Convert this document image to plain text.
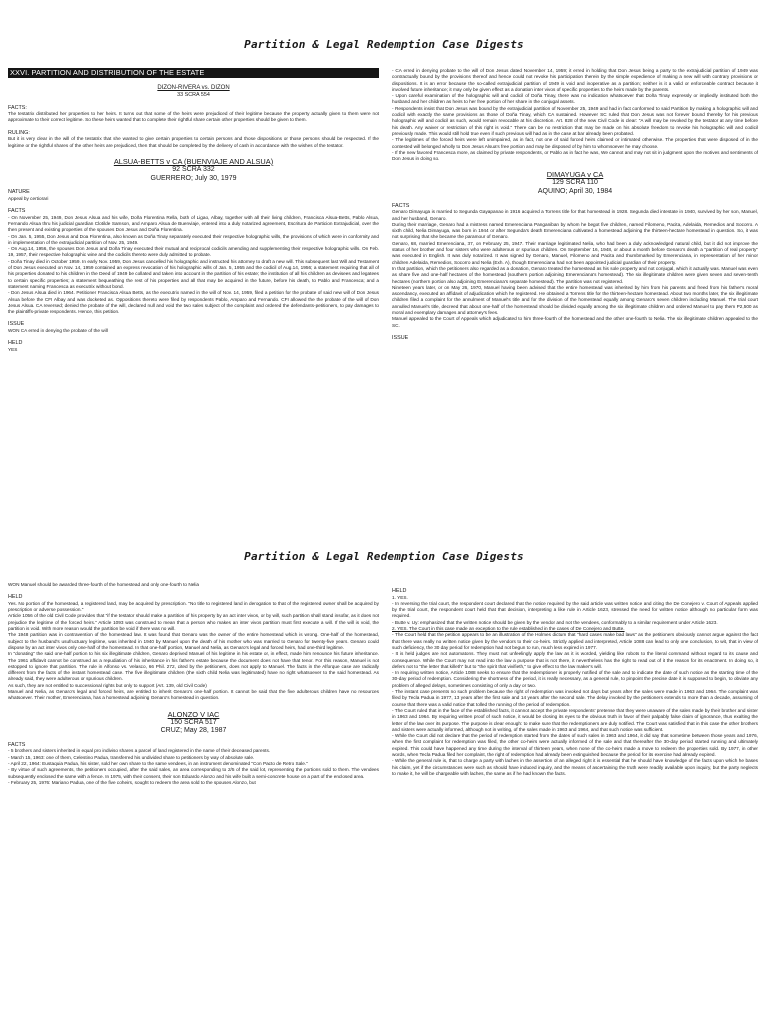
Partition & Legal Redemption Case Digests
XXVI. PARTITION AND DISTRIBUTION OF THE ESTATE

DIZON-RIVERA vs. DIZON

33 SCRA 554

FACTS:

The testatrix distributed her properties to her heirs. It turns out that some of the heirs were prejudiced of their legitime because the property actually given to them were not approximate to their correct legitime. So these heirs wanted that to complete their rightful share certain other properties should be given to them.

RULING:

But it is very clear in the will of the testatrix that she wanted to give certain properties to certain persons and those dispositions or those persons should be respected. If the legitime or the rightful shares of the other heirs are prejudiced, then that should be completed by the delivery of cash in accordance with the wishes of the testator.

ALSUA-BETTS v CA (BUENVIAJE AND ALSUA)

92 SCRA 332

GUERRERO; July 30, 1979

NATURE

Appeal by certiorari

FACTS

- On November 25, 1949, Don Jesus Alsua and his wife, Doña Florentina Rella, both of Ligao, Albay, together with all their living children, Francisca Alsua-Betts, Pablo Alsua, Fernando Alsua thru his judicial guardian Clotilde Samson, and Amparo Alsua de Buenviaje, entered into a duly notarized agreement, Escritura de Particion Extrajudicial, over the then present and existing properties of the spouses Don Jesus and Doña Florentina.

- On Jan. 5, 1955, Don Jesus and Doa Florentina, also known as Doña Tinay separately executed their respective holographic wills, the provisions of which were in conformity and in implementation of the extrajudicial partition of Nov. 25, 1949.

- On Aug.14, 1956, the spouses Don Jesus and Doña Tinay executed their mutual and reciprocal codicils amending and supplementing their respective holographic wills. On Feb. 19, 1957, their respective holographic wine and the codicils thereto were duly admitted to probate.

- Doña Tinay died in October 1959. In early Nov. 1959, Don Jesus cancelled his holographic and instructed his attorney to draft a new will. This subsequent last Will and Testament of Don Jesus executed on Nov. 14, 1959 contained an express revocation of his holographic wills of Jan. 5, 1955 and the codicil of Aug.14, 1956; a statement requiring that all of his properties donated to his children in the Deed of 1949 be collated and taken into account in the partition of his estate; the institution of all his children as devisees and legatees to certain specific properties; a statement bequeathing the rest of his properties and all that may be acquired in the future, before his death, to Pablo and Francesca; and a statement naming Francesca as executrix without bond.

- Don Jesus Alsua died in 1964. Petitioner Francisca Alsua Betts, as the executrix named in the will of Nov. 14, 1959, filed a petition for the probate of said new will of Don Jesus Alsua before the CFI Albay and was docketed as. Oppositions thereto were filed by respondents Pablo, Amparo and Fernando. CFI allowed the the probate of the will of Don Jesus Alsua. CA reversed; denied the probate of the will, declared null and void the two sales subject of the complaint and ordered the defendants-petitioners, to pay damages to the plaintiffs-private respondents. Hence, this petition.

ISSUE

WON CA erred in denying the probate of the will

HELD

YES

- CA erred in denying probate to the will of Don Jesus dated November 14, 1959; it erred in holding that Don Jesus being a party to the extrajudicial partition of 1949 was contractually bound by the provisions thereof and hence could not revoke his participation therein by the simple expedience of making a new will with contrary provisions or dispositions. It is an error because the so-called extrajudicial partition of 1949 is void and inoperative as a partition; neither is it a valid or enforceable contract because it involved future inheritance; it may only be given effect as a donation inter vivos of specific properties to the heirs made by the parents.

- Upon careful examination of the holographic will and codicil of Doña Tinay, there was no indication whatsoever that Doña Tinay expressly or impliedly instituted both the husband and her children as heirs to her free portion of her share in the conjugal assets.

- Respondents insist that Don Jesus was bound by the extrajudicial partition of November 25, 1949 and had in fact conformed to said Partition by making a holographic will and codicil with exactly the same provisions as those of Doña Tinay, which CA sustained. However SC ruled that Don Jesus was not forever bound thereby for his previous holographic will and codicil as such, would remain revocable at his discretion. Art. 828 of the new Civil Code is clear: "A will may be revoked by the testator at any time before his death. Any waiver or restriction of this right is void." There can be no restriction that may be made on his absolute freedom to revoke his holographic will and codicil previously made. This would still hold true even if such previous will had as in the case at bar already been probated.

- The legitimes of the forced heirs were left unimpaired, as in fact, not one of said forced heirs claimed or intimated otherwise. The properties that were disposed of in the contested will belonged wholly to Don Jesus Alsua's free portion and may be disposed of by him to whomsoever he may choose.

- If the new favored Francesca more, as claimed by private respondents, or Pablo as in fact he was, We cannot and may not sit in judgment upon the motives and sentiments of Don Jesus in doing so.

DIMAYUGA v CA

129 SCRA 110

AQUINO; April 30, 1984

FACTS

Genaro Dimayuga is married to Segunda Gayapanao in 1916 acquired a Torrens title for that homestead in 1928. Segunda died intestate in 1940, survived by her son, Manuel, and her husband, Genaro.

During their marriage, Genaro had a mistress named Emerenciana Panganiban by whom he begot five children, named Filomeno, Pacita, Adelaida, Remedios and Socorro. A sixth child, Nelia Dimayuga, was born in 1944 or after Segunda's death Emerenciana cultivated a homestead adjoining the thirteen-hectare homestead in question. So, it was not surprising that she became the paramour of Genaro.

Genaro, 68, married Emerenciana, 37, on February 25, 1947. Their marriage legitimated Nelia, who had been a duly acknowledged natural child, but it did not improve the status of her brother and four sisters who were adulterous or spurious children. On September 16, 1948, or about a month before Genaro's death a "partition of real property" was executed in English. It was duly notarized. It was signed by Genaro, Manuel, Filomeno and Pacita and thumbmarked by Emerenciana, in representation of her minor children Adelaida, Remedios, Socorro and Nelia (Exh. A), though Emerenciana had not been appointed judicial guardian of their property.

In that partition, which the petitioners also regarded as a donation, Genaro treated the homestead as his sole property and not conjugal, which it actually was. Manuel was even as share five and one-half hectares of the homestead (southern portion adjoining Emerenciana's homestead). The six illegitimate children were given seven and seven-tenth hectares (northern portion also adjoining Emerenciana's separate homestead). The partition was not registered.

Nineteen years later, or on May 26, 1970, Manuel having been advised that the entire homestead was inherited by him from his parents and freed from his father's moral ascendancy, executed an affidavit of adjudication which he registered. He obtained a Torrens title for the thirteen-hectare homestead. About two months later, the six illegitimate children filed a complaint for the annulment of Manuel's title and for the division of the homestead equally among Genaro's seven children including Manuel. The trial court annulled Manuel's title, decreed that about one-half of the homestead should be divided equally among the six illegitimate children and ordered Manuel to pay them P2,500 as moral and exemplary damages and attorney's fees.

Manuel appealed to the Court of Appeals which adjudicated to him three-fourth of the homestead and the other one-fourth to Nelia. The six illegitimate children appealed to the SC.

ISSUE

Partition & Legal Redemption Case Digests

WON Manuel should be awarded three-fourth of the homestead and only one-fourth to Nelia

HELD

Yes. No portion of the homestead, a registered land, may be acquired by prescription. "No title to registered land in derogation to that of the registered owner shall be acquired by prescription or adverse possession."

Article 1056 of the old Civil Code provides that "if the testator should make a partition of his property by an act inter vivos, or by will, such partition shall stand insofar, as it does not prejudice the legitime of the forced heirs." Article 1093 was construed to mean that a person who makes an inter vivos partition must first execute a will. If the will is void, the partition is void. With more reason would the partition be void if there was no will.

The 1948 partition was in contravention of the homestead law. It was found that Genaro was the owner of the entire homestead which is wrong. One-half of the homestead, subject to the husband's usufructuary legitime, was inherited in 1940 by Manuel upon the death of his mother who was married to Genaro for twenty-five years. Genaro could dispose by an act inter vivos only one-half of the homestead. In that one-half portion, Manuel and Nelia, as Genaro's legal and forced heirs, had one-third legitime.

In "donating" the said one-half portion to his six illegitimate children, Genaro deprived Manuel of his legitime in his estate or, in effect, made him renounce his future inheritance. The 1961 affidavit cannot be construed as a repudiation of his inheritance in his father's estate because the document does not have that tenor. For this reason, Manuel is not estopped to ignore that partition. The rule in Alfonso vs. Velasco, 66 Phil. 272, cited by the petitioners, does not apply to Manuel. The facts in the Alforque case are radically different from the facts of the instant homestead case. The five illegitimate children (the sixth child Nelia was legitimated) have no right whatsoever to the said homestead. As already said, they were adulterous or spurious children.

As such, they are not entitled to successional rights but only to support (Art. 139, old Civil Code)

Manuel and Nelia, as Genaro's legal and forced heirs, are entitled to inherit Genaro's one-half portion. It cannot be said that the five adulterous children have no resources whatsoever. Their mother, Emerenciana, has a homestead adjoining Genaro's homestead in question.

ALONZO V IAC

150 SCRA 517

CRUZ; May 28, 1987

FACTS

- 5 brothers and sisters inherited in equal pro indiviso shares a parcel of land registered in the name of their deceased parents.

- March 15, 1963: one of them, Celestino Padua, transferred his undivided share to petitioners by way of absolute sale.

- April 22, 1964: Eustaquia Padua, his sister, sold her own share to the same vendees, in an instrument denominated "Con Pacto de Retro Sale."

- By virtue of such agreements, the petitioners occupied, after the said sales, an area corresponding to 2/5 of the said lot, representing the portions sold to them. The vendees subsequently enclosed the same with a fence. In 1975, with their consent, their son Eduardo Alonzo and his wife built a semi-concrete house on a part of the enclosed area.

- February 25, 1976: Mariano Padua, one of the five coheirs, sought to redeem the area sold to the spouses Alonzo, but

HELD

1. YES.

- In reversing the trial court, the respondent court declared that the notice required by the said article was written notice and citing the De Conejero v. Court of Appeals applied by the trial court, the respondent court held that that decision, interpreting a like rule in Article 1623, stressed the need for written notice although no particular form was required.

- Butte v. Uy: emphasized that the written notice should be given by the vendor and not the vendees, conformably to a similar requirement under Article 1623.

2. YES. The Court in this case made an exception to the rule established in the cases of De Conejero and Butte.

- The Court held that the petition appears to be an illustration of the Holmes dictum that "hard cases make bad laws" as the petitioners obviously cannot argue against the fact that there was really no written notice given by the vendors to their co-heirs. Strictly applied and interpreted, Article 1088 can lead to only one conclusion, to wit, that in view of such deficiency, the 30 day period for redemption had not begun to run, much less expired in 1977.

- It is held judges are not automatons. They must not unfeelingly apply the law as it is worded, yielding like robots to the literal command without regard to its cause and consequence. While the Court may not read into the law a purpose that is not there, it nevertheless has the right to read out of it the reason for its enactment. In doing so, it defers not to "the letter that killeth" but to "the spirit that vivifieth," to give effect to the law maker's will.

- In requiring written notice, Article 1088 seeks to ensure that the redemptioner is properly notified of the sale and to indicate the date of such notice as the starting time of the 30-day period of redemption. Considering the shortness of the period, it is really necessary, as a general rule, to pinpoint the precise date it is supposed to begin, to obviate any problem of alleged delays, sometimes consisting of only a day or two.

- The instant case presents no such problem because the right of redemption was invoked not days but years after the sales were made in 1963 and 1964. The complaint was filed by Tecla Padua in 1977, 13 years after the first sale and 14 years after the second sale. The delay invoked by the petitioners extends to more than a decade, assuming of course that there was a valid notice that tolled the running of the period of redemption.

- The Court ruled that in the face of the established facts, it cannot accept the private respondents' pretense that they were unaware of the sales made by their brother and sister in 1963 and 1964. By requiring written proof of such notice, it would be closing its eyes to the obvious truth in favor of their palpably false claim of ignorance, thus exalting the letter of the law over its purpose. The purpose is clear enough: to make sure that the redemptioners are duly notified. The Court was satisfied that in this case the other brothers and sisters were actually informed, although not in writing, of the sales made in 1963 and 1964, and that such notice was sufficient.

- While the Court did not declare that the period of redemption started from the dates of such sales in 1963 and 1964, it did say that sometime between those years and 1976, when the first complaint for redemption was filed, the other co-heirs were actually informed of the sale and that thereafter the 30-day period started running and ultimately expired. This could have happened any time during the interval of thirteen years, when none of the co-heirs made a move to redeem the properties sold. By 1977, in other words, when Tecla Padua filed her complaint, the right of redemption had already been extinguished because the period for its exercise had already expired.

- While the general rule is, that to charge a party with laches in the assertion of an alleged right it is essential that he should have knowledge of the facts upon which he bases his claim, yet if the circumstances were such as should have induced inquiry, and the means of ascertaining the truth were readily available upon inquiry, but the party neglects to make it, he will be chargeable with laches, the same as if he had known the facts.
